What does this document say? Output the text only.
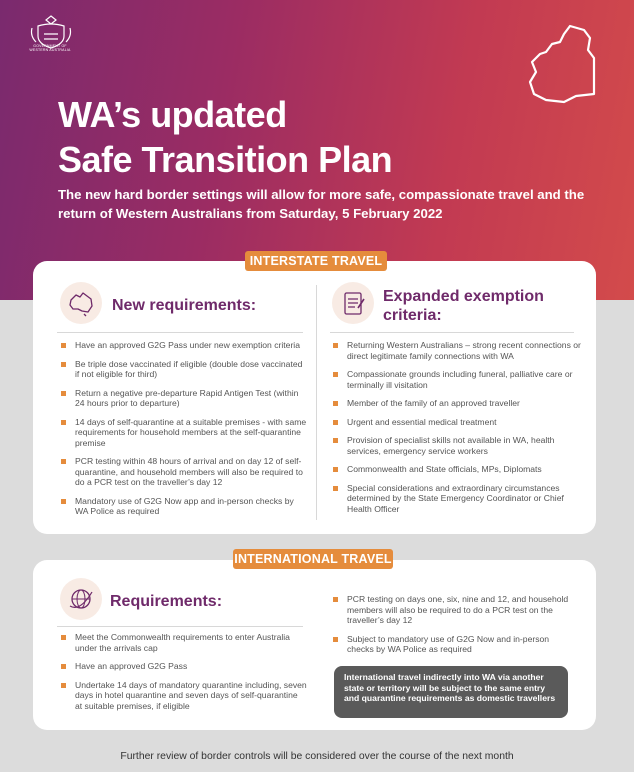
GOVERNMENT OF
WESTERN AUSTRALIA
WA’s updated
Safe Transition Plan

The new hard border settings will allow for more safe, compassionate travel and the return of Western Australians from Saturday, 5 February 2022

INTERSTATE TRAVEL
New requirements:
Have an approved G2G Pass under new exemption criteria
Be triple dose vaccinated if eligible (double dose vaccinated if not eligible for third)
Return a negative pre-departure Rapid Antigen Test (within 24 hours prior to departure)
14 days of self-quarantine at a suitable premises - with same requirements for household members at the self-quarantine premise
PCR testing within 48 hours of arrival and on day 12 of self-quarantine, and household members will also be required to do a PCR test on the traveller’s day 12
Mandatory use of G2G Now app and in-person checks by WA Police as required
Expanded exemption
criteria:
Returning Western Australians – strong recent connections or direct legitimate family connections with WA
Compassionate grounds including funeral, palliative care or terminally ill visitation
Member of the family of an approved traveller
Urgent and essential medical treatment
Provision of specialist skills not available in WA, health services, emergency service workers
Commonwealth and State officials, MPs, Diplomats
Special considerations and extraordinary circumstances determined by the State Emergency Coordinator or Chief Health Officer
INTERNATIONAL TRAVEL
Requirements:
Meet the Commonwealth requirements to enter Australia under the arrivals cap
Have an approved G2G Pass
Undertake 14 days of mandatory quarantine including, seven days in hotel quarantine and seven days of self-quarantine at suitable premises, if eligible
PCR testing on days one, six, nine and 12, and household members will also be required to do a PCR test on the traveller’s day 12
Subject to mandatory use of G2G Now and in-person checks by WA Police as required
International travel indirectly into WA via another state or territory will be subject to the same entry and quarantine requirements as domestic travellers
Further review of border controls will be considered over the course of the next month
